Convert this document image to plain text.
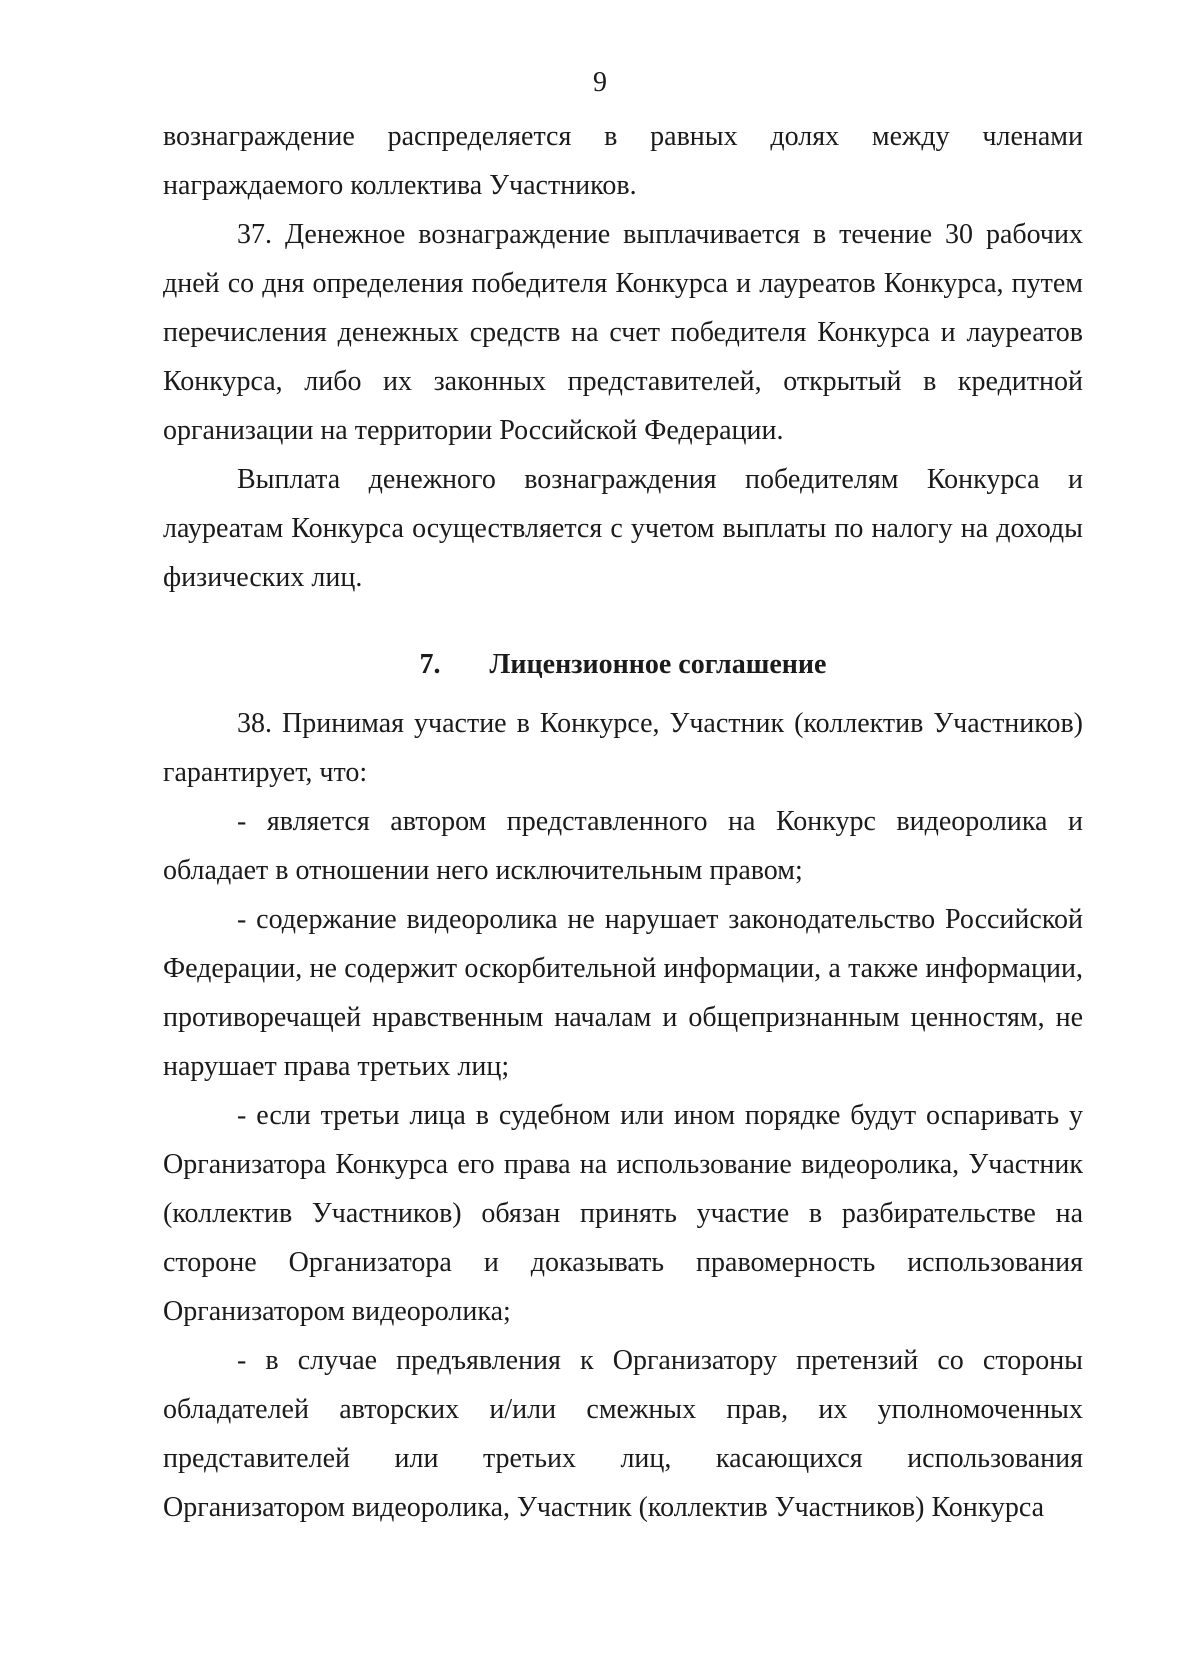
9

вознаграждение распределяется в равных долях между членами награждаемого коллектива Участников.

37. Денежное вознаграждение выплачивается в течение 30 рабочих дней со дня определения победителя Конкурса и лауреатов Конкурса, путем перечисления денежных средств на счет победителя Конкурса и лауреатов Конкурса, либо их законных представителей, открытый в кредитной организации на территории Российской Федерации.

Выплата денежного вознаграждения победителям Конкурса и лауреатам Конкурса осуществляется с учетом выплаты по налогу на доходы физических лиц.

7.	Лицензионное соглашение

38. Принимая участие в Конкурсе, Участник (коллектив Участников) гарантирует, что:

- является автором представленного на Конкурс видеоролика и обладает в отношении него исключительным правом;

- содержание видеоролика не нарушает законодательство Российской Федерации, не содержит оскорбительной информации, а также информации, противоречащей нравственным началам и общепризнанным ценностям, не нарушает права третьих лиц;

- если третьи лица в судебном или ином порядке будут оспаривать у Организатора Конкурса его права на использование видеоролика, Участник (коллектив Участников) обязан принять участие в разбирательстве на стороне Организатора и доказывать правомерность использования Организатором видеоролика;

- в случае предъявления к Организатору претензий со стороны обладателей авторских и/или смежных прав, их уполномоченных представителей или третьих лиц, касающихся использования Организатором видеоролика, Участник (коллектив Участников) Конкурса
